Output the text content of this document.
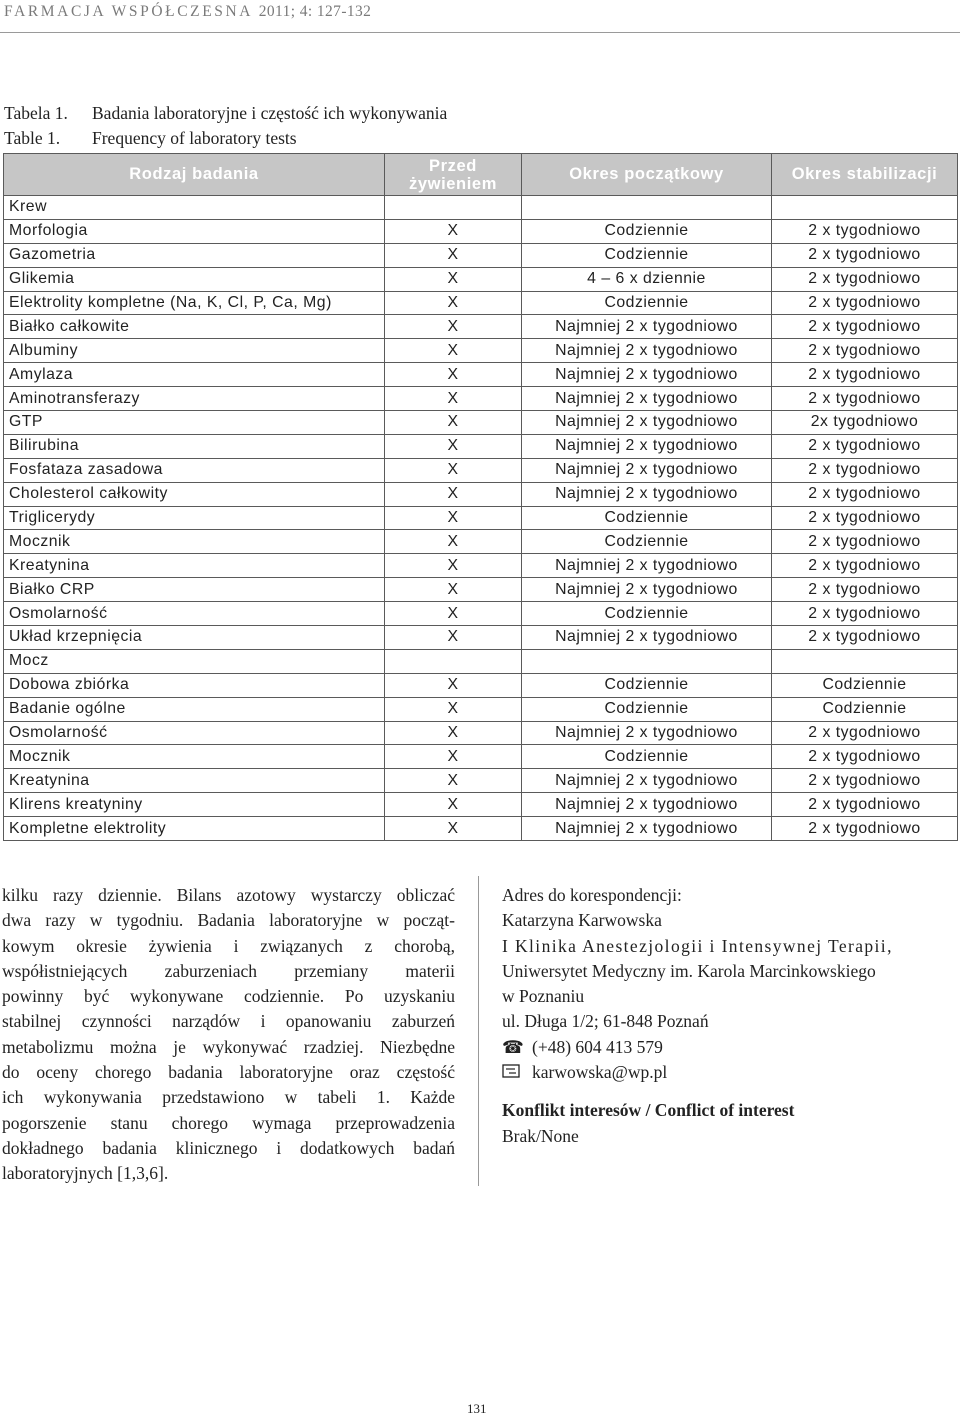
FARMACJA WSPÓŁCZESNA 2011; 4: 127-132
Tabela 1.	Badania laboratoryjne i częstość ich wykonywania
Table 1.	Frequency of laboratory tests
Rodzaj badania	Przed
żywieniem	Okres początkowy	Okres stabilizacji
Krew			
Morfologia	X	Codziennie	2 x tygodniowo
Gazometria	X	Codziennie	2 x tygodniowo
Glikemia	X	4 – 6 x dziennie	2 x tygodniowo
Elektrolity kompletne (Na, K, Cl, P, Ca, Mg)	X	Codziennie	2 x tygodniowo
Białko całkowite	X	Najmniej 2 x tygodniowo	2 x tygodniowo
Albuminy	X	Najmniej 2 x tygodniowo	2 x tygodniowo
Amylaza	X	Najmniej 2 x tygodniowo	2 x tygodniowo
Aminotransferazy	X	Najmniej 2 x tygodniowo	2 x tygodniowo
GTP	X	Najmniej 2 x tygodniowo	2x tygodniowo
Bilirubina	X	Najmniej 2 x tygodniowo	2 x tygodniowo
Fosfataza zasadowa	X	Najmniej 2 x tygodniowo	2 x tygodniowo
Cholesterol całkowity	X	Najmniej 2 x tygodniowo	2 x tygodniowo
Triglicerydy	X	Codziennie	2 x tygodniowo
Mocznik	X	Codziennie	2 x tygodniowo
Kreatynina	X	Najmniej 2 x tygodniowo	2 x tygodniowo
Białko CRP	X	Najmniej 2 x tygodniowo	2 x tygodniowo
Osmolarność	X	Codziennie	2 x tygodniowo
Układ krzepnięcia	X	Najmniej 2 x tygodniowo	2 x tygodniowo
Mocz			
Dobowa zbiórka	X	Codziennie	Codziennie
Badanie ogólne	X	Codziennie	Codziennie
Osmolarność	X	Najmniej 2 x tygodniowo	2 x tygodniowo
Mocznik	X	Codziennie	2 x tygodniowo
Kreatynina	X	Najmniej 2 x tygodniowo	2 x tygodniowo
Klirens kreatyniny	X	Najmniej 2 x tygodniowo	2 x tygodniowo
Kompletne elektrolity	X	Najmniej 2 x tygodniowo	2 x tygodniowo
kilku razy dziennie. Bilans azotowy wystarczy obliczać
dwa razy w tygodniu. Badania laboratoryjne w począt-
kowym okresie żywienia i związanych z chorobą,
współistniejących zaburzeniach przemiany materii
powinny być wykonywane codziennie. Po uzyskaniu
stabilnej czynności narządów i opanowaniu zaburzeń
metabolizmu można je wykonywać rzadziej. Niezbędne
do oceny chorego badania laboratoryjne oraz częstość
ich wykonywania przedstawiono w tabeli 1. Każde
pogorszenie stanu chorego wymaga przeprowadzenia
dokładnego badania klinicznego i dodatkowych badań
laboratoryjnych [1,3,6].
Adres do korespondencji:
Katarzyna Karwowska
I Klinika Anestezjologii i Intensywnej Terapii,
Uniwersytet Medyczny im. Karola Marcinkowskiego
w Poznaniu
ul. Długa 1/2; 61-848 Poznań
☎ (+48) 604 413 579
karwowska@wp.pl
Konflikt interesów / Conflict of interest
Brak/None
131
